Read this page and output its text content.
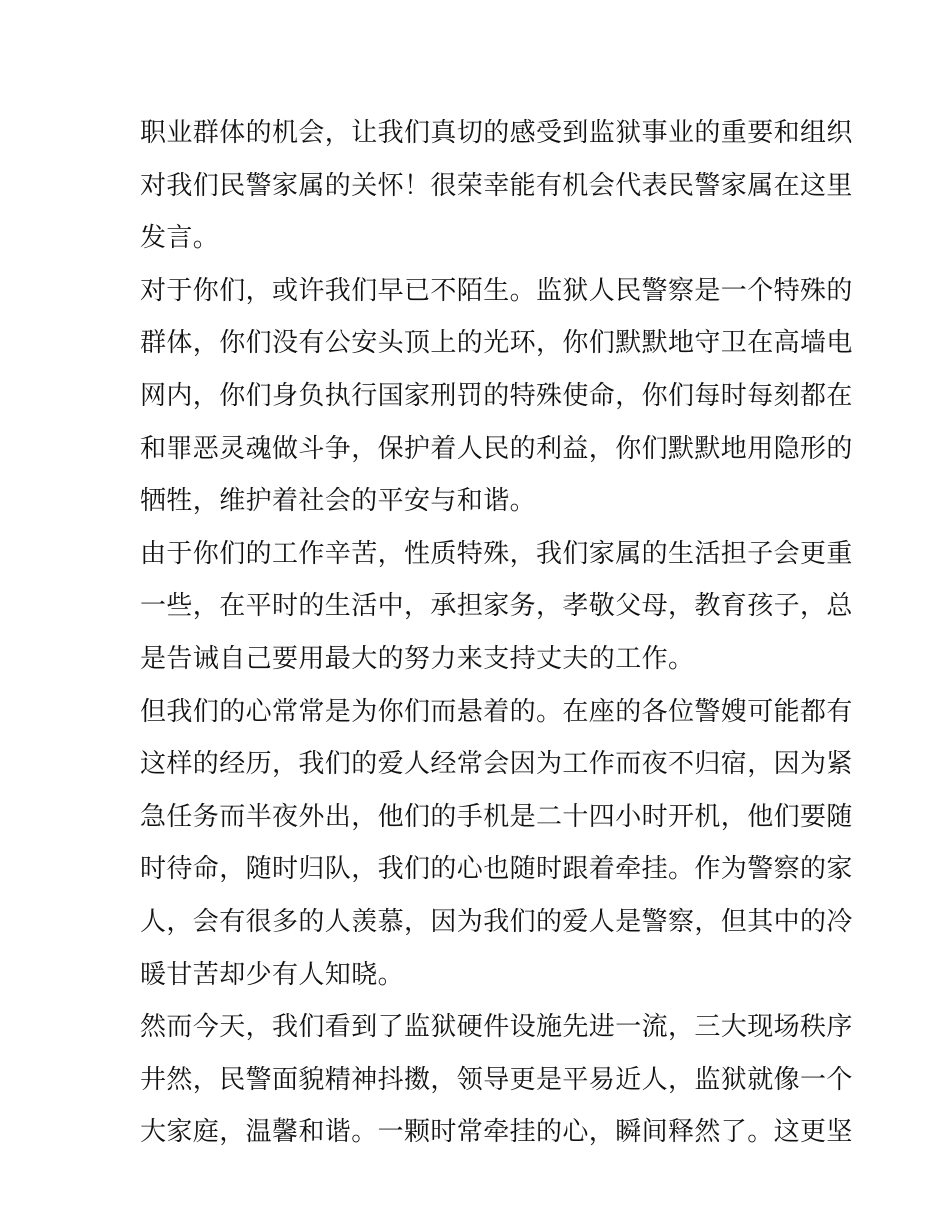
职业群体的机会，让我们真切的感受到监狱事业的重要和组织
对我们民警家属的关怀！很荣幸能有机会代表民警家属在这里
发言。
对于你们，或许我们早已不陌生。监狱人民警察是一个特殊的
群体，你们没有公安头顶上的光环，你们默默地守卫在高墙电
网内，你们身负执行国家刑罚的特殊使命，你们每时每刻都在
和罪恶灵魂做斗争，保护着人民的利益，你们默默地用隐形的
牺牲，维护着社会的平安与和谐。
由于你们的工作辛苦，性质特殊，我们家属的生活担子会更重
一些，在平时的生活中，承担家务，孝敬父母，教育孩子，总
是告诫自己要用最大的努力来支持丈夫的工作。
但我们的心常常是为你们而悬着的。在座的各位警嫂可能都有
这样的经历，我们的爱人经常会因为工作而夜不归宿，因为紧
急任务而半夜外出，他们的手机是二十四小时开机，他们要随
时待命，随时归队，我们的心也随时跟着牵挂。作为警察的家
人，会有很多的人羡慕，因为我们的爱人是警察，但其中的冷
暖甘苦却少有人知晓。
然而今天，我们看到了监狱硬件设施先进一流，三大现场秩序
井然，民警面貌精神抖擞，领导更是平易近人，监狱就像一个
大家庭，温馨和谐。一颗时常牵挂的心，瞬间释然了。这更坚
